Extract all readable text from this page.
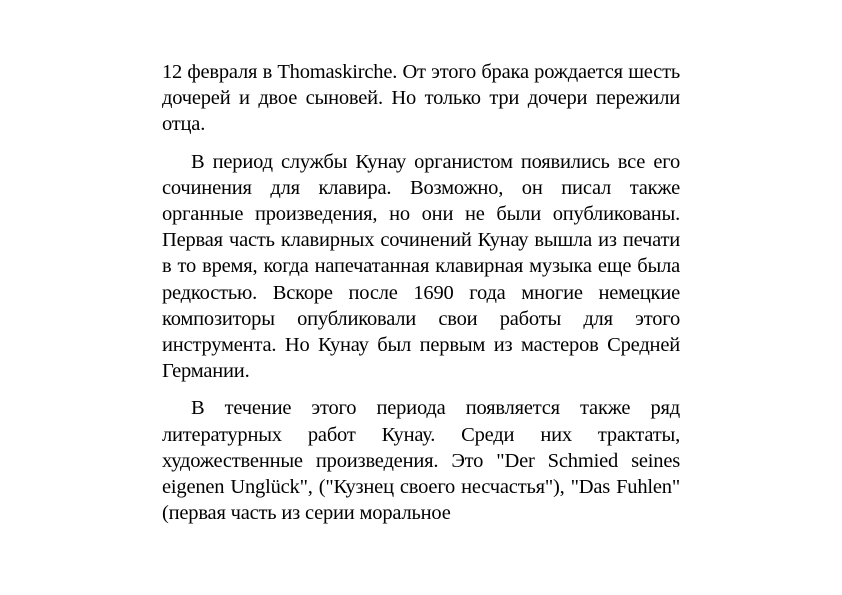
12 февраля в Thomaskirche. От этого брака рождается шесть дочерей и двое сыновей. Но только три дочери пережили отца.

В период службы Кунау органистом появились все его сочинения для клавира. Возможно, он писал также органные произведения, но они не были опубликованы. Первая часть клавирных сочинений Кунау вышла из печати в то время, когда напечатанная клавирная музыка еще была редкостью. Вскоре после 1690 года многие немецкие композиторы опубликовали свои работы для этого инструмента. Но Кунау был первым из мастеров Средней Германии.

В течение этого периода появляется также ряд литературных работ Кунау. Среди них трактаты, художественные произведения. Это "Der Schmied seines eigenen Unglück", ("Кузнец своего несчастья"), "Das Fuhlen" (первая часть из серии моральное
